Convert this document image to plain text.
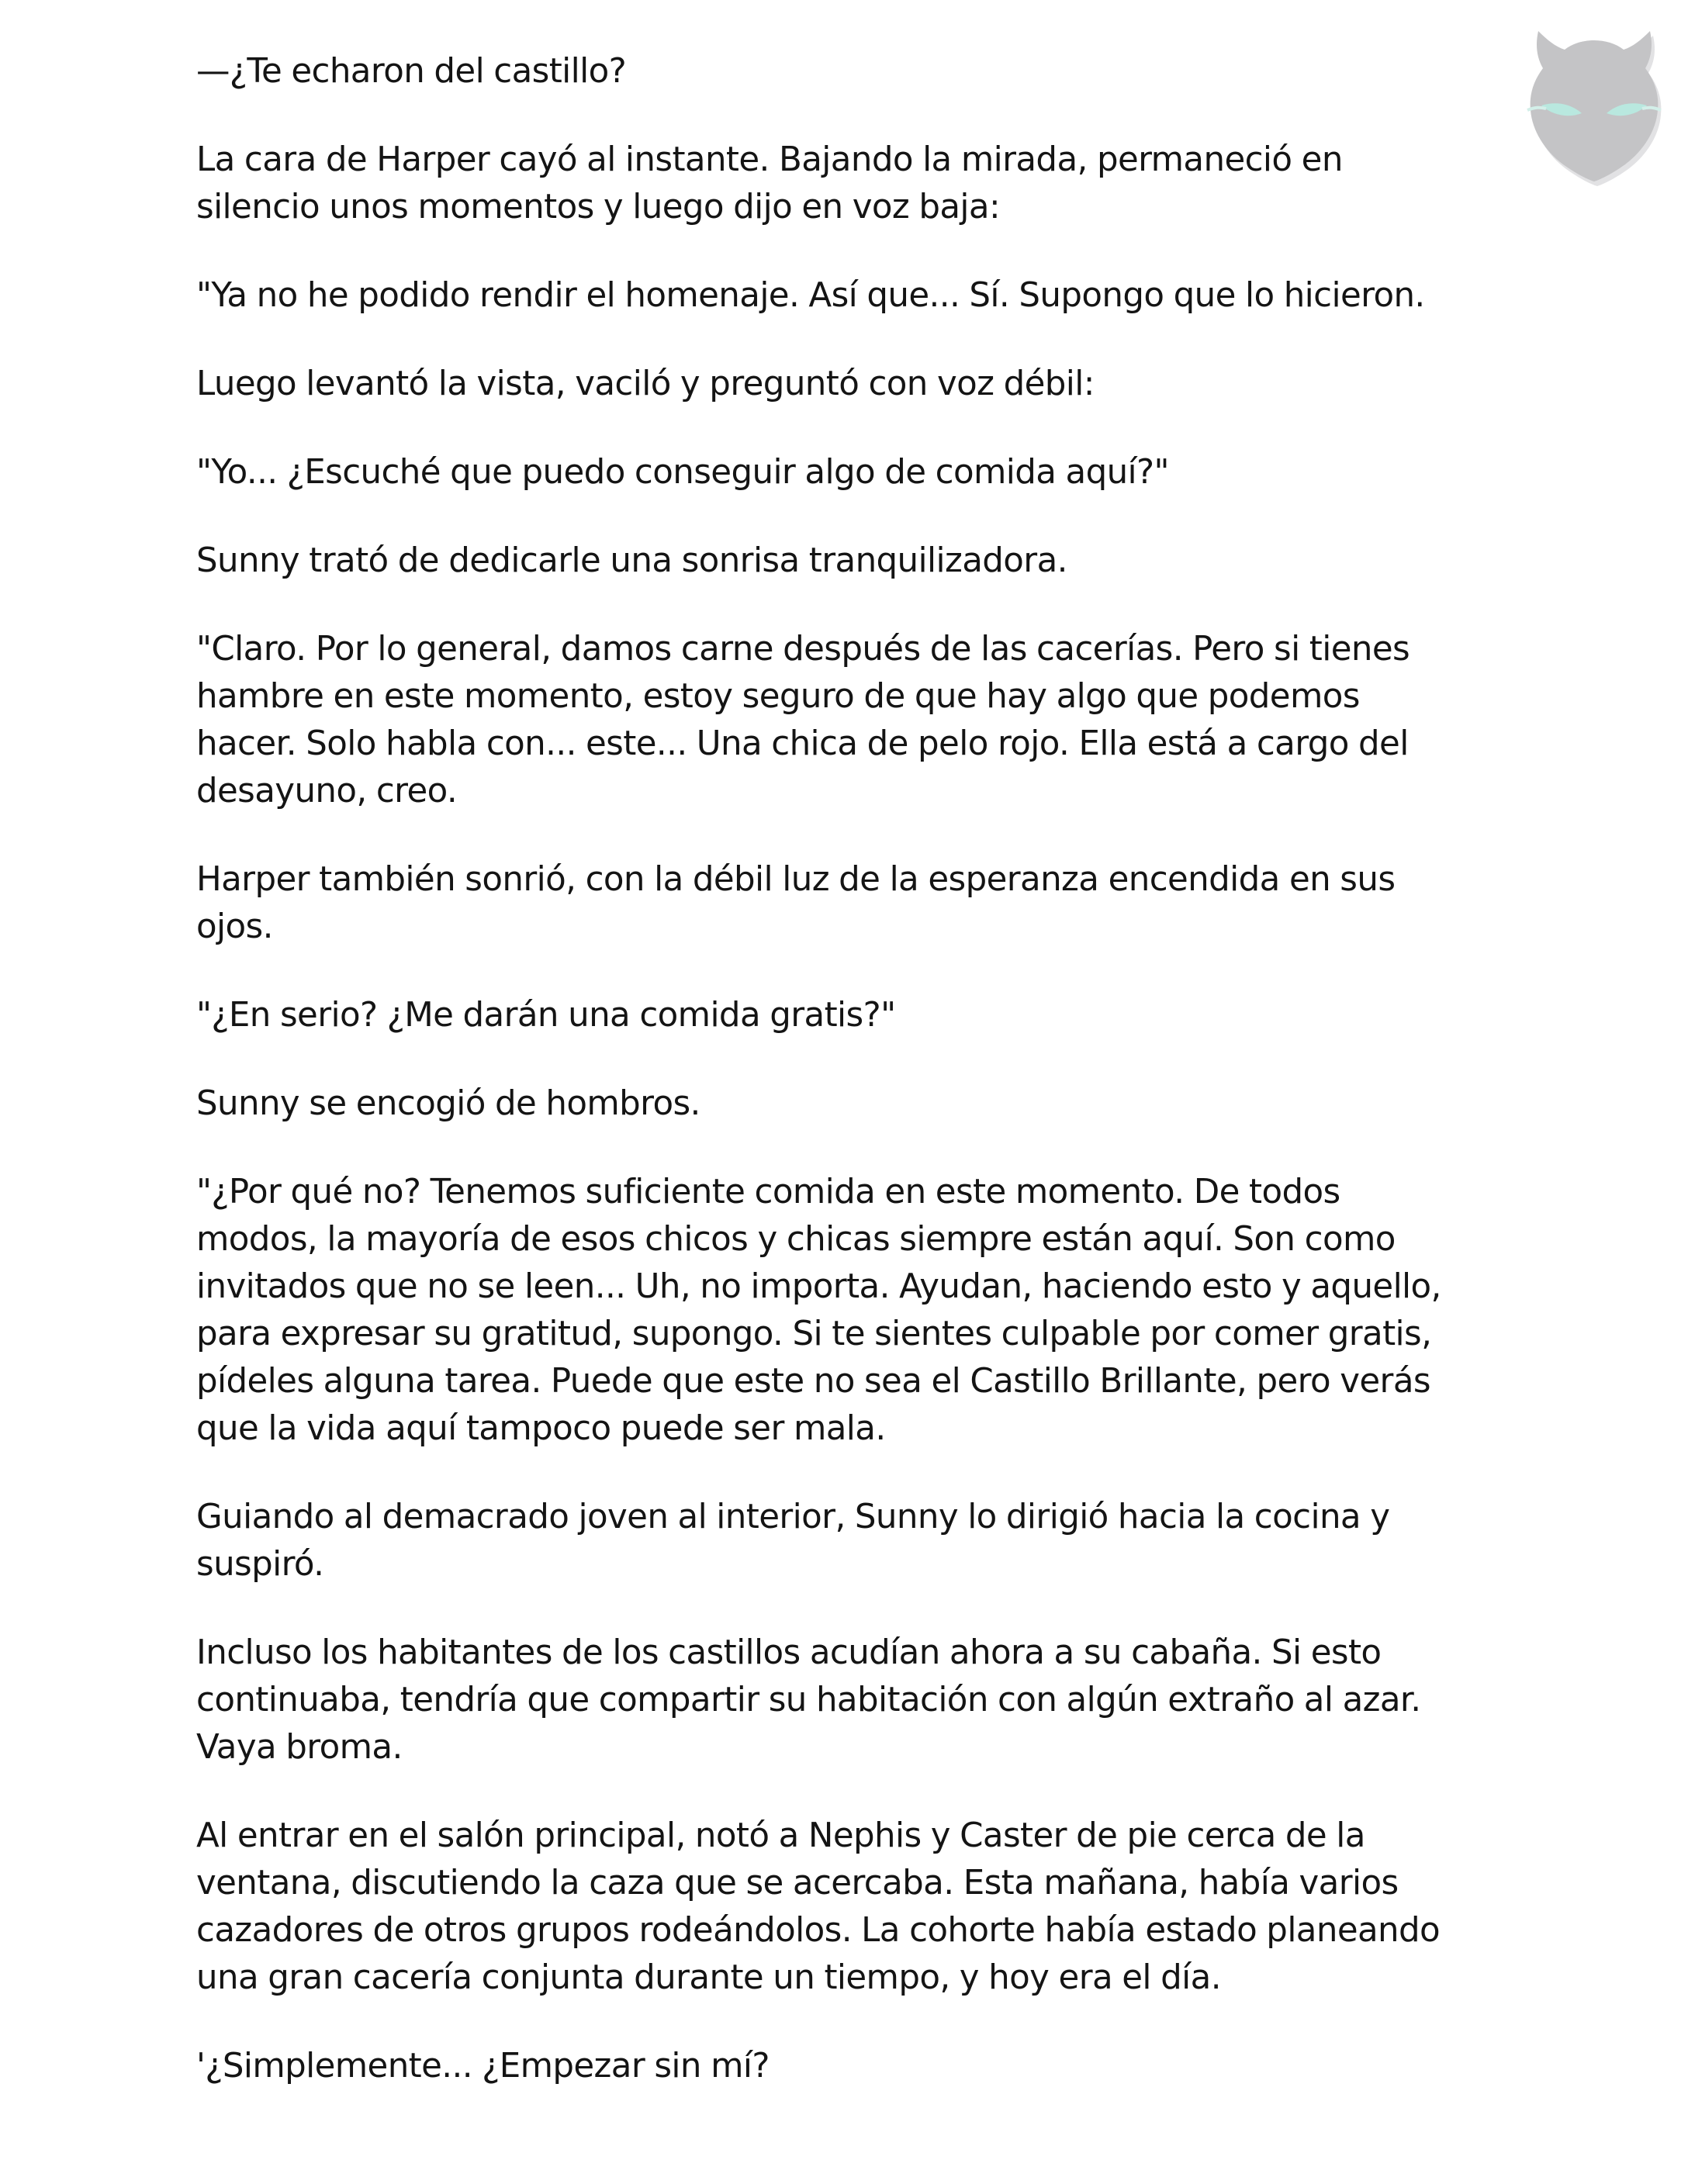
—¿Te echaron del castillo?

La cara de Harper cayó al instante. Bajando la mirada, permaneció en
silencio unos momentos y luego dijo en voz baja:

"Ya no he podido rendir el homenaje. Así que... Sí. Supongo que lo hicieron.

Luego levantó la vista, vaciló y preguntó con voz débil:

"Yo... ¿Escuché que puedo conseguir algo de comida aquí?"

Sunny trató de dedicarle una sonrisa tranquilizadora.

"Claro. Por lo general, damos carne después de las cacerías. Pero si tienes
hambre en este momento, estoy seguro de que hay algo que podemos
hacer. Solo habla con... este... Una chica de pelo rojo. Ella está a cargo del
desayuno, creo.

Harper también sonrió, con la débil luz de la esperanza encendida en sus
ojos.

"¿En serio? ¿Me darán una comida gratis?"

Sunny se encogió de hombros.

"¿Por qué no? Tenemos suficiente comida en este momento. De todos
modos, la mayoría de esos chicos y chicas siempre están aquí. Son como
invitados que no se leen... Uh, no importa. Ayudan, haciendo esto y aquello,
para expresar su gratitud, supongo. Si te sientes culpable por comer gratis,
pídeles alguna tarea. Puede que este no sea el Castillo Brillante, pero verás
que la vida aquí tampoco puede ser mala.

Guiando al demacrado joven al interior, Sunny lo dirigió hacia la cocina y
suspiró.

Incluso los habitantes de los castillos acudían ahora a su cabaña. Si esto
continuaba, tendría que compartir su habitación con algún extraño al azar.
Vaya broma.

Al entrar en el salón principal, notó a Nephis y Caster de pie cerca de la
ventana, discutiendo la caza que se acercaba. Esta mañana, había varios
cazadores de otros grupos rodeándolos. La cohorte había estado planeando
una gran cacería conjunta durante un tiempo, y hoy era el día.

'¿Simplemente... ¿Empezar sin mí?
